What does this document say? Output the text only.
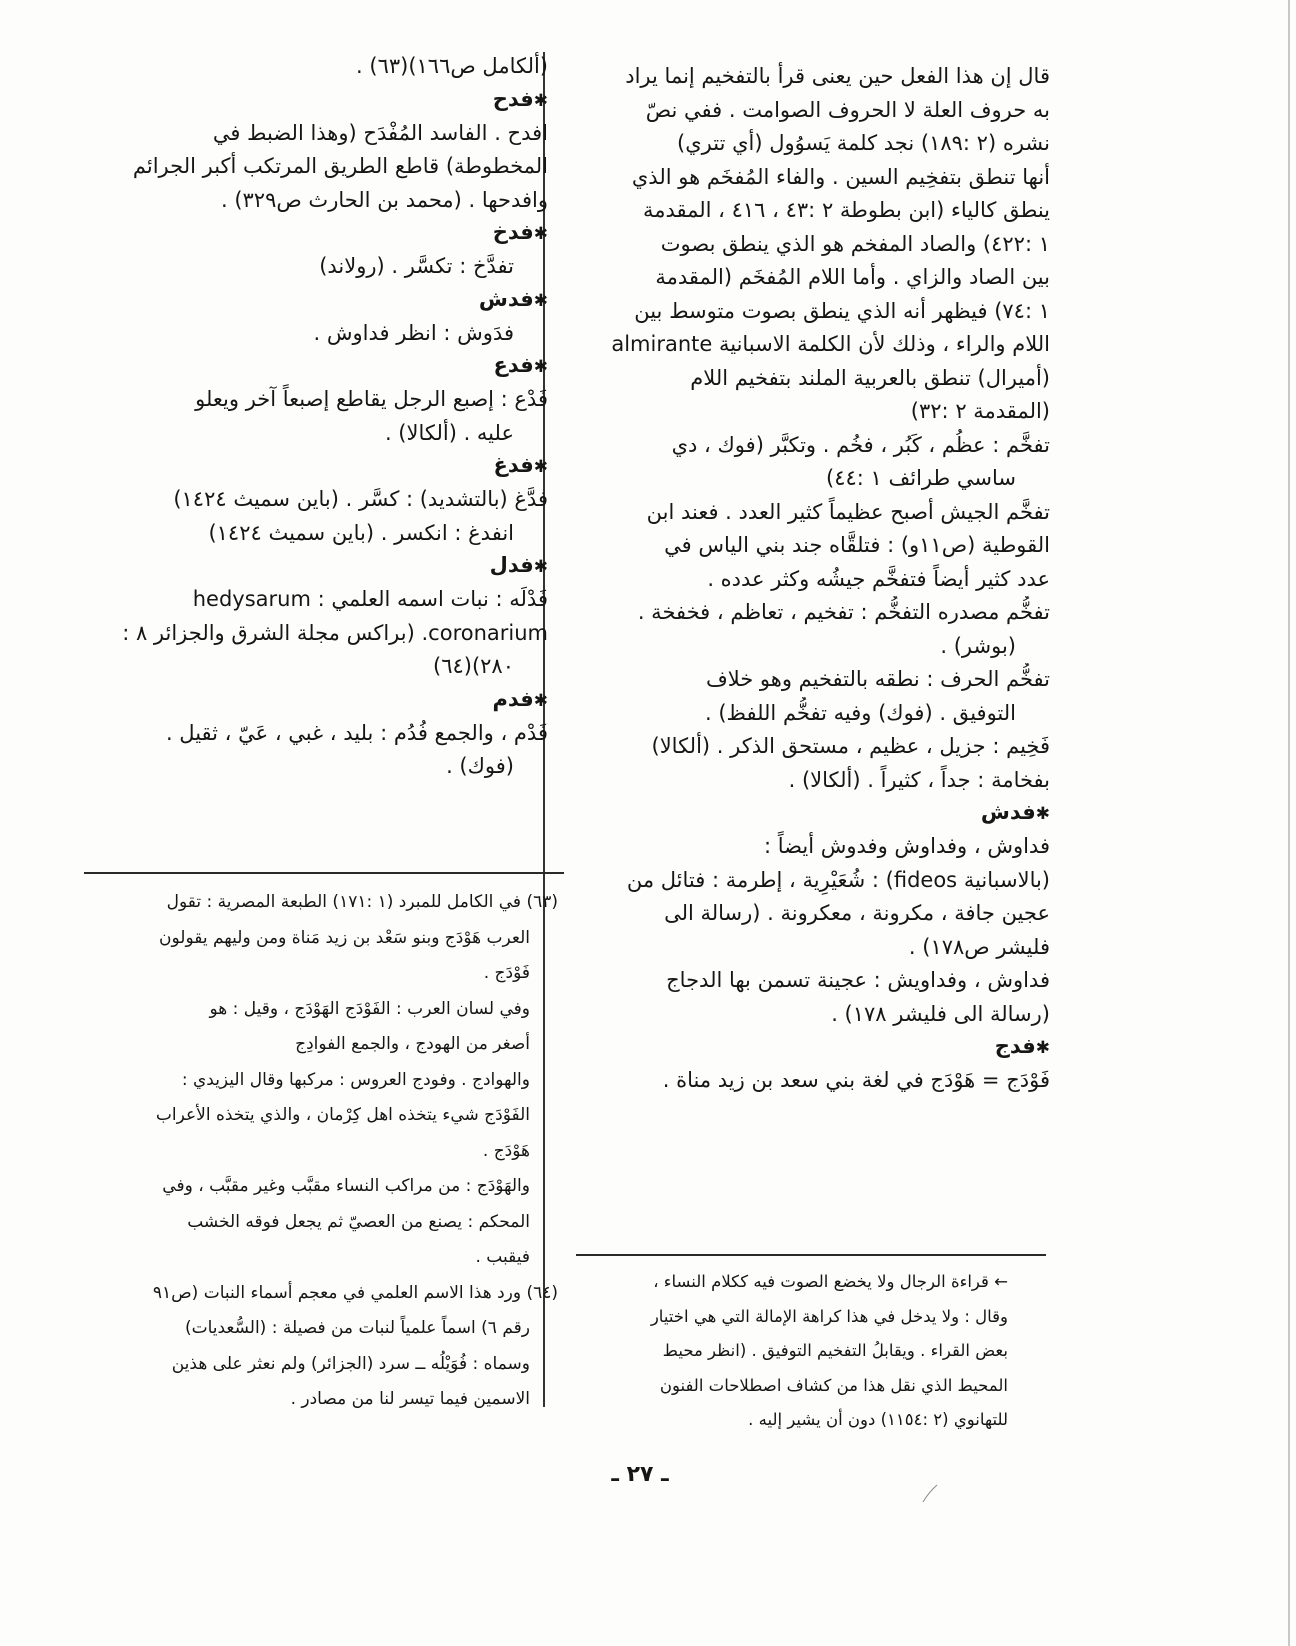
قال إن هذا الفعل حين يعنى قرأ بالتفخيم إنما يراد
به حروف العلة لا الحروف الصوامت . ففي نصّ
نشره (٢ :١٨٩) نجد كلمة يَسوُول (أي تتري)
أنها تنطق بتفخِيم السين . والفاء المُفخَم هو الذي
ينطق كالياء (ابن بطوطة ٢ :٤٣ ، ٤١٦ ، المقدمة
١ :٤٢٢) والصاد المفخم هو الذي ينطق بصوت
بين الصاد والزاي . وأما اللام المُفخَم (المقدمة
١ :٧٤) فيظهر أنه الذي ينطق بصوت متوسط بين
اللام والراء ، وذلك لأن الكلمة الاسبانية almirante
(أميرال) تنطق بالعربية الملند بتفخيم اللام
(المقدمة ٢ :٣٢)
تفخَّم : عظُم ، كَبُر ، فخُم . وتكبَّر (فوك ، دي
ساسي طرائف ١ :٤٤)
تفخَّم الجيش أصبح عظيماً كثير العدد . فعند ابن
القوطية (ص١١و) : فتلقَّاه جند بني الياس في
عدد كثير أيضاً فتفخَّم جيشُه وكثر عدده .
تفخُّم مصدره التفخُّم : تفخيم ، تعاظم ، فخفخة .
(بوشر) .
تفخُّم الحرف : نطقه بالتفخيم وهو خلاف
التوفيق . (فوك) وفيه تفخُّم اللفظ) .
فَخِيم : جزيل ، عظيم ، مستحق الذكر . (ألكالا)
بفخامة : جداً ، كثيراً . (ألكالا) .
✱ فدش
فداوش ، وفداوش وفدوش أيضاً :
(بالاسبانية fideos) : شُعَيْرِية ، إطرمة : فتائل من
عجين جافة ، مكرونة ، معكرونة . (رسالة الى
فليشر ص١٧٨) .
فداوش ، وفداويش : عجينة تسمن بها الدجاج
(رسالة الى فليشر ١٧٨) .
✱ فدج
فَوْدَج = هَوْدَج في لغة بني سعد بن زيد مناة .
(ألكامل ص١٦٦)(٦٣) .
✱ فدح
افدح . الفاسد المُفْدَح (وهذا الضبط في
المخطوطة) قاطع الطريق المرتكب أكبر الجرائم
وافدحها . (محمد بن الحارث ص٣٢٩) .
✱ فدخ
تفدَّخ : تكسَّر . (رولاند)
✱ فدش
فدَوش : انظر فداوش .
✱ فدع
فَدْع : إصبع الرجل يقاطع إصبعاً آخر ويعلو
عليه . (ألكالا) .
✱ فدغ
فدَّغ (بالتشديد) : كسَّر . (باين سميث ١٤٢٤)
انفدغ : انكسر . (باين سميث ١٤٢٤)
✱ فدل
فَدْلَه : نبات اسمه العلمي : hedysarum
coronarium. (براكس مجلة الشرق والجزائر ٨ :
٢٨٠)(٦٤)
✱ فدم
فَدْم ، والجمع فُدُم : بليد ، غبي ، عَيّ ، ثقيل .
(فوك) .
(٦٣) في الكامل للمبرد (١ :١٧١) الطبعة المصرية : تقول
العرب هَوْدَج وبنو سَعْد بن زيد مَناة ومن وليهم يقولون
فَوْدَج .
وفي لسان العرب : الفَوْدَج الهَوْدَج ، وقيل : هو
أصغر من الهودج ، والجمع الفوادِج
والهوادج . وفودج العروس : مركبها وقال اليزيدي :
الفَوْدَج شيء يتخذه اهل كِرْمان ، والذي يتخذه الأعراب
هَوْدَج .
والهَوْدَج : من مراكب النساء مقبَّب وغير مقبَّب ، وفي
المحكم : يصنع من العصيّ ثم يجعل فوقه الخشب
فيقبب .
(٦٤) ورد هذا الاسم العلمي في معجم أسماء النبات (ص٩١
رقم ٦) اسماً علمياً لنبات من فصيلة : (السُّعديات)
وسماه : فُوَيْلُه ــ سرد (الجزائر) ولم نعثر على هذين
الاسمين فيما تيسر لنا من مصادر .
← قراءة الرجال ولا يخضع الصوت فيه ككلام النساء ،
وقال : ولا يدخل في هذا كراهة الإمالة التي هي اختيار
بعض القراء . ويقابلُ التفخيم التوفيق . (انظر محيط
المحيط الذي نقل هذا من كشاف اصطلاحات الفنون
للتهانوي (٢ :١١٥٤) دون أن يشير إليه .
ـ ٢٧ ـ
